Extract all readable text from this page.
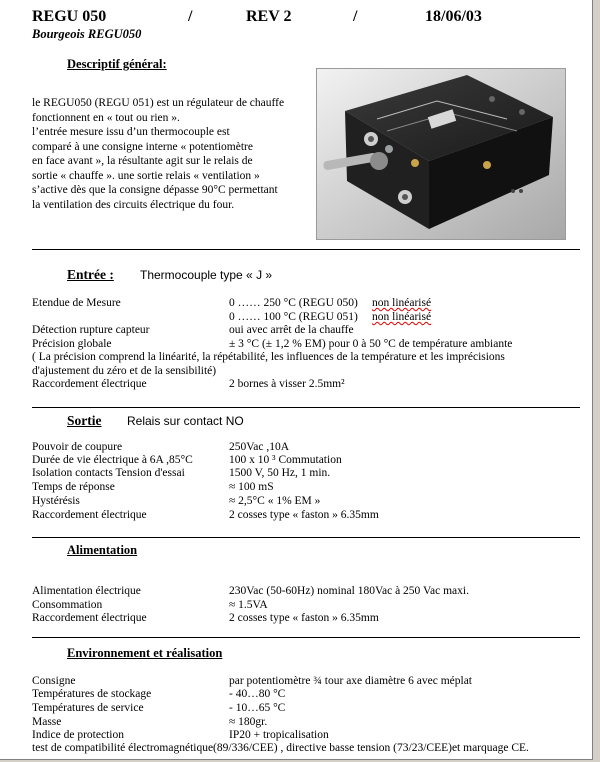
REGU 050	/	REV 2	/	18/06/03
Bourgeois REGU050
Descriptif général:
le REGU050 (REGU 051) est un régulateur de chauffe
fonctionnent en « tout ou rien ».
l’entrée mesure issu d’un thermocouple est
comparé à une consigne interne « potentiomètre
en face avant », la résultante agit sur le relais de
sortie « chauffe ». une sortie relais « ventilation »
s’active dès que la consigne dépasse 90°C permettant
la ventilation des circuits électrique du four.
Entrée : Thermocouple type « J »
Etendue de Mesure	0 …… 250 °C (REGU 050) non linéarisé
0 …… 100 °C (REGU 051) non linéarisé
Détection rupture capteur	oui avec arrêt de la chauffe
Précision globale	± 3 °C (± 1,2 % EM) pour 0 à 50 °C de température ambiante
( La précision comprend la linéarité, la répétabilité, les influences de la température et les imprécisions
d'ajustement du zéro et de la sensibilité)
Raccordement électrique	2 bornes à visser 2.5mm²
Sortie Relais sur contact NO
Pouvoir de coupure	250Vac ,10A
Durée de vie électrique à 6A ,85°C	100 x 10 ³ Commutation
Isolation contacts Tension d'essai	1500 V, 50 Hz, 1 min.
Temps de réponse	≈ 100 mS
Hystérésis	≈ 2,5°C « 1% EM »
Raccordement électrique	2 cosses type « faston » 6.35mm
Alimentation
Alimentation électrique	230Vac (50-60Hz) nominal 180Vac à 250 Vac maxi.
Consommation	≈ 1.5VA
Raccordement électrique	2 cosses type « faston » 6.35mm
Environnement et réalisation
Consigne	par potentiomètre ¾ tour axe diamètre 6 avec méplat
Températures de stockage	- 40…80 °C
Températures de service	- 10…65 °C
Masse	≈ 180gr.
Indice de protection	IP20 + tropicalisation
test de compatibilité électromagnétique(89/336/CEE) , directive basse tension (73/23/CEE)et marquage CE.
